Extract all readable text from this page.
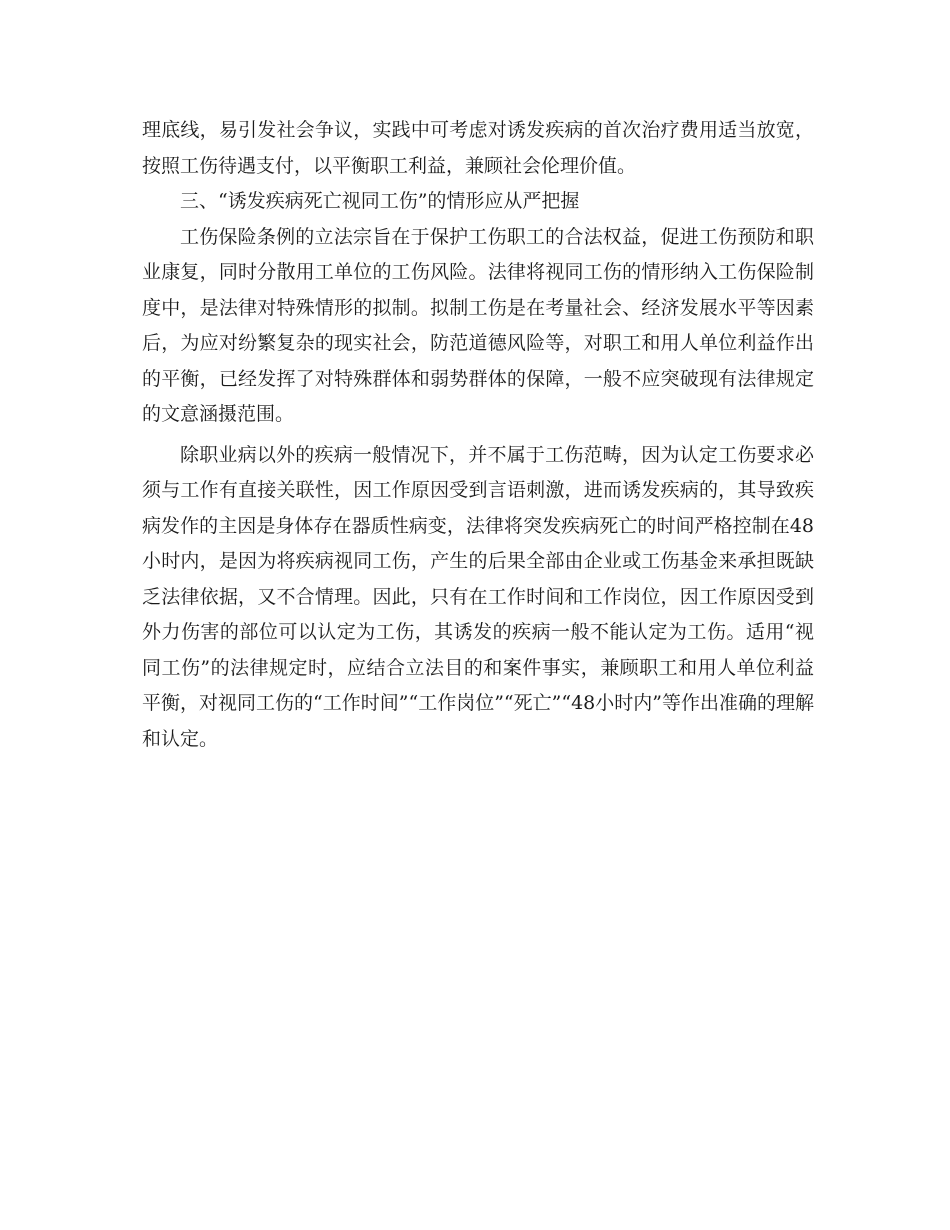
理底线，易引发社会争议，实践中可考虑对诱发疾病的首次治疗费用适当放宽，按照工伤待遇支付，以平衡职工利益，兼顾社会伦理价值。

三、“诱发疾病死亡视同工伤”的情形应从严把握

工伤保险条例的立法宗旨在于保护工伤职工的合法权益，促进工伤预防和职业康复，同时分散用工单位的工伤风险。法律将视同工伤的情形纳入工伤保险制度中，是法律对特殊情形的拟制。拟制工伤是在考量社会、经济发展水平等因素后，为应对纷繁复杂的现实社会，防范道德风险等，对职工和用人单位利益作出的平衡，已经发挥了对特殊群体和弱势群体的保障，一般不应突破现有法律规定的文意涵摄范围。

除职业病以外的疾病一般情况下，并不属于工伤范畴，因为认定工伤要求必须与工作有直接关联性，因工作原因受到言语刺激，进而诱发疾病的，其导致疾病发作的主因是身体存在器质性病变，法律将突发疾病死亡的时间严格控制在48小时内，是因为将疾病视同工伤，产生的后果全部由企业或工伤基金来承担既缺乏法律依据，又不合情理。因此，只有在工作时间和工作岗位，因工作原因受到外力伤害的部位可以认定为工伤，其诱发的疾病一般不能认定为工伤。适用“视同工伤”的法律规定时，应结合立法目的和案件事实，兼顾职工和用人单位利益平衡，对视同工伤的“工作时间”“工作岗位”“死亡”“48小时内”等作出准确的理解和认定。
